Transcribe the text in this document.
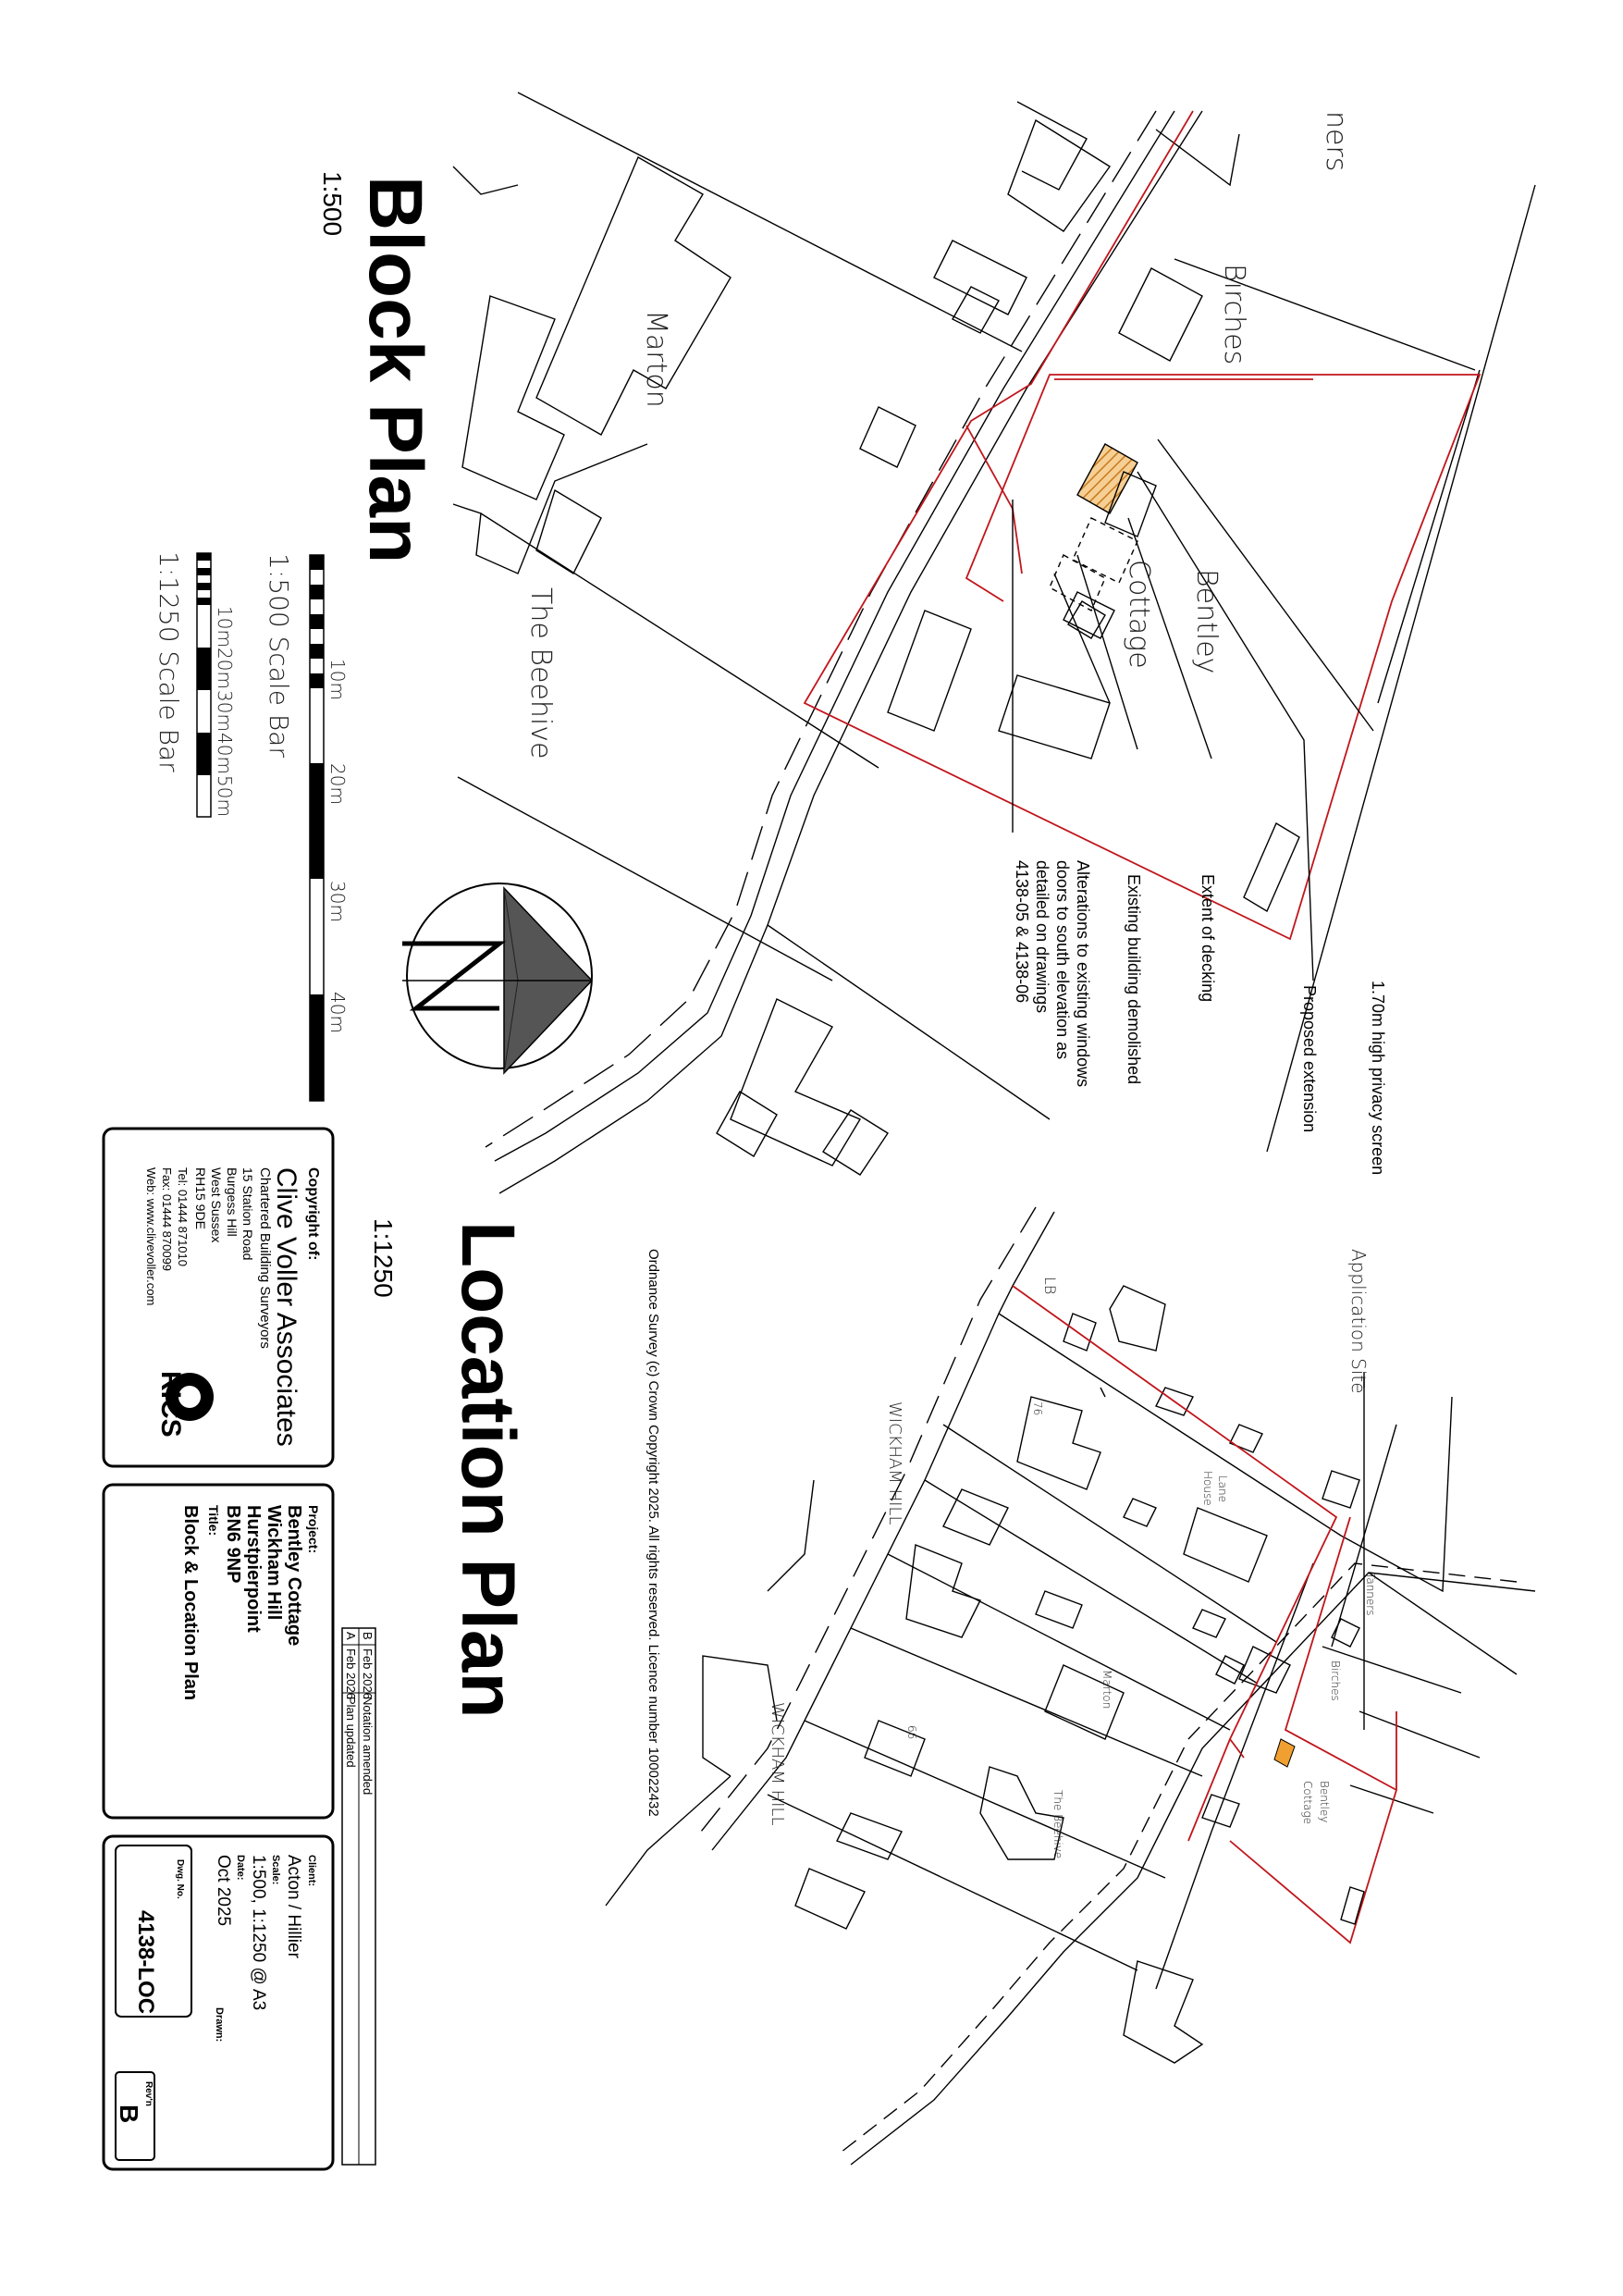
Block Plan
1:500
Marton
The Beehive
Birches
Bentley
Cottage
ners
1.70m high privacy screen
Proposed extension
Extent of decking
Existing building demolished
Alterations to existing windows
doors to south elevation as
detailed on drawings
4138-05 & 4138-06
10m
20m
30m
40m
1:500 Scale Bar
10m
20m
30m
40m
50m
1:1250 Scale Bar
Location Plan
1:1250	Application Site
Ordnance Survey (c) Crown Copyright 2025. All rights reserved. Licence number 100022432	WICKHAM HILL
WICKHAM HILL
Lane
House
Tanners
Birches
Marton
The Beehive	Bentley
Cottage
76
66
LB
Copyright of:
Clive Voller Associates
Chartered Building Surveyors
15 Station Road
Burgess Hill
West Sussex
RH15 9DE
Tel: 01444 871010
Fax: 01444 870099
Web: www.clivevoller.com
RICS
Project:
Bentley Cottage
Wickham Hill
Hurstpierpoint
BN6 9NP
Title:
Block & Location Plan	B
Feb 2026
Notation amended
A
Feb 2026
Plan updated
Client:
Acton / Hillier
Scale:
1:500, 1:1250 @ A3
Date:
Oct 2025
Drawn:
Dwg. No.
4138-LOC
Rev'n
B
